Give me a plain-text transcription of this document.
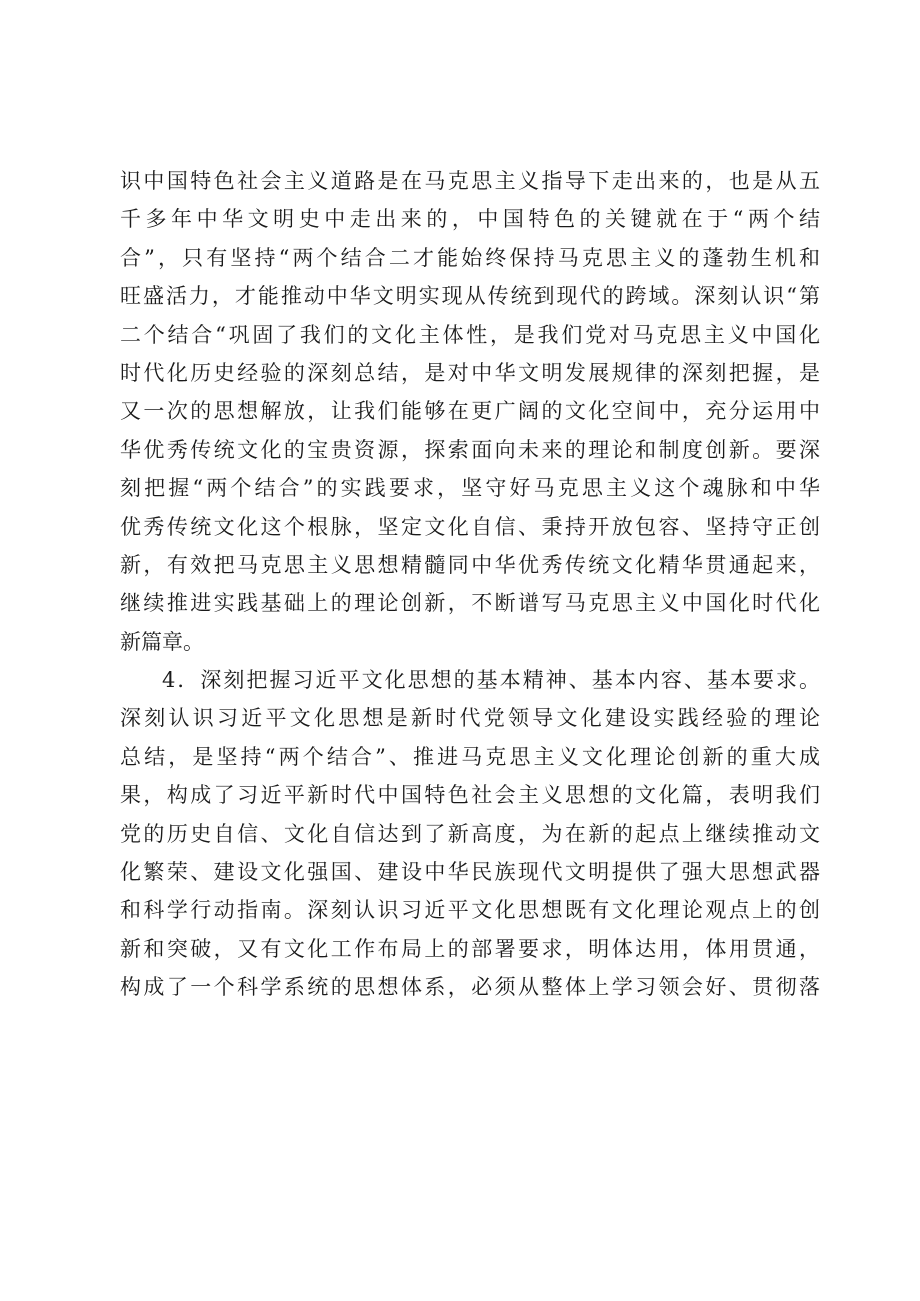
识中国特色社会主义道路是在马克思主义指导下走出来的，也是从五
千多年中华文明史中走出来的，中国特色的关键就在于“两个结
合”，只有坚持“两个结合二才能始终保持马克思主义的蓬勃生机和
旺盛活力，才能推动中华文明实现从传统到现代的跨域。深刻认识“第
二个结合“巩固了我们的文化主体性，是我们党对马克思主义中国化
时代化历史经验的深刻总结，是对中华文明发展规律的深刻把握，是
又一次的思想解放，让我们能够在更广阔的文化空间中，充分运用中
华优秀传统文化的宝贵资源，探索面向未来的理论和制度创新。要深
刻把握“两个结合”的实践要求，坚守好马克思主义这个魂脉和中华
优秀传统文化这个根脉，坚定文化自信、秉持开放包容、坚持守正创
新，有效把马克思主义思想精髓同中华优秀传统文化精华贯通起来，
继续推进实践基础上的理论创新，不断谱写马克思主义中国化时代化
新篇章。
4．深刻把握习近平文化思想的基本精神、基本内容、基本要求。
深刻认识习近平文化思想是新时代党领导文化建设实践经验的理论
总结，是坚持“两个结合”、推进马克思主义文化理论创新的重大成
果，构成了习近平新时代中国特色社会主义思想的文化篇，表明我们
党的历史自信、文化自信达到了新高度，为在新的起点上继续推动文
化繁荣、建设文化强国、建设中华民族现代文明提供了强大思想武器
和科学行动指南。深刻认识习近平文化思想既有文化理论观点上的创
新和突破，又有文化工作布局上的部署要求，明体达用，体用贯通，
构成了一个科学系统的思想体系，必须从整体上学习领会好、贯彻落
